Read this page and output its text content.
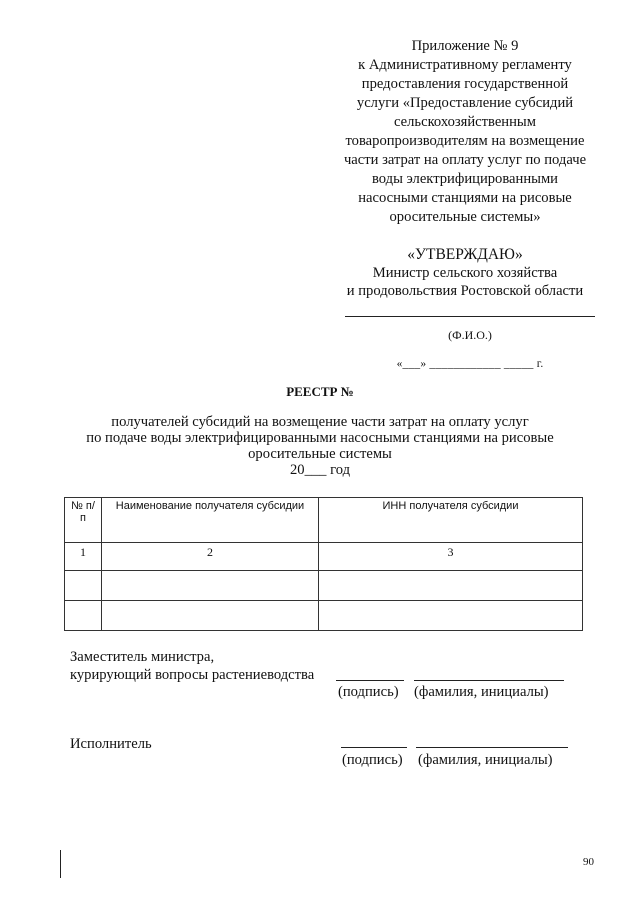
Приложение № 9
к Административному регламенту
предоставления государственной
услуги «Предоставление субсидий
сельскохозяйственным
товаропроизводителям на возмещение
части затрат на оплату услуг по подаче
воды электрифицированными
насосными станциями на рисовые
оросительные системы»
«УТВЕРЖДАЮ»
Министр сельского хозяйства
и продовольствия Ростовской области
(Ф.И.О.)
«___» ____________ _____ г.
РЕЕСТР №
получателей субсидий на возмещение части затрат на оплату услуг
по подаче воды электрифицированными насосными станциями на рисовые
оросительные системы
20___ год
№ п/п	Наименование получателя субсидии	ИНН получателя субсидии
1	2	3

Заместитель министра,
курирующий вопросы растениеводства
(подпись) (фамилия, инициалы)
Исполнитель
(подпись) (фамилия, инициалы)
90
